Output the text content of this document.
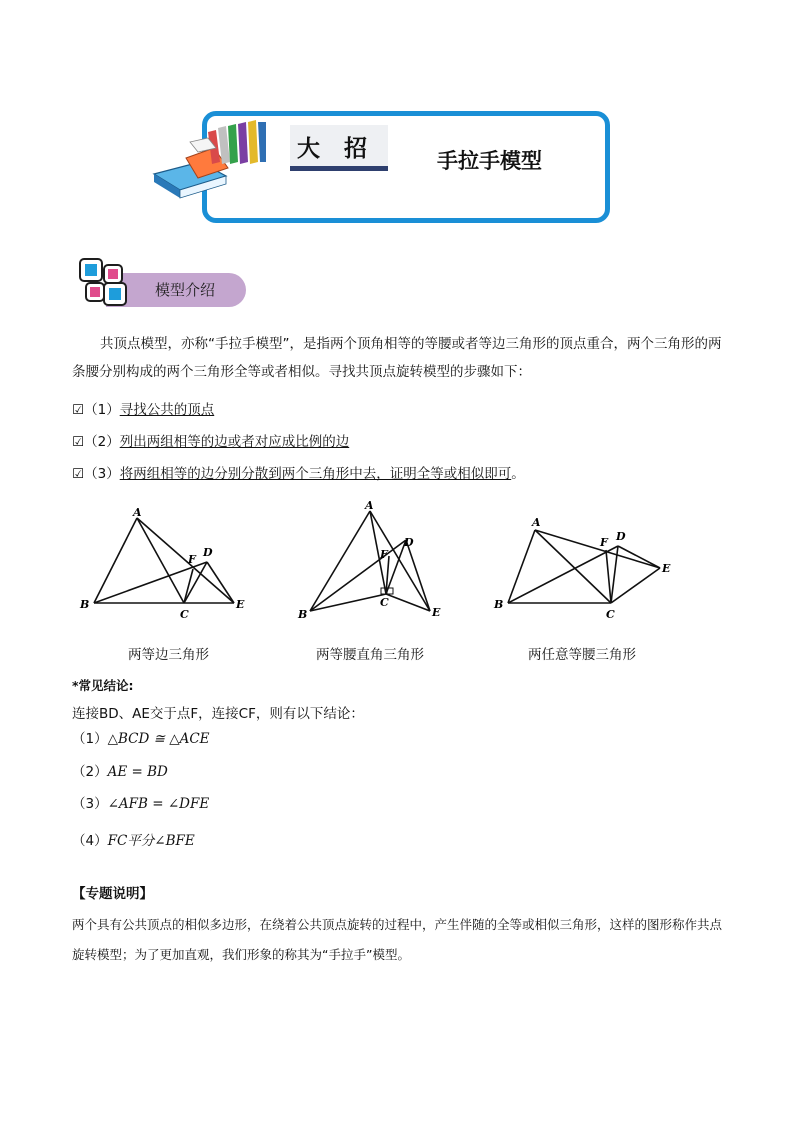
大 招	手拉手模型
模型介绍
共顶点模型，亦称“手拉手模型”，是指两个顶角相等的等腰或者等边三角形的顶点重合，两个三角形的两条腰分别构成的两个三角形全等或者相似。寻找共顶点旋转模型的步骤如下：
☑（1）寻找公共的顶点
☑（2）列出两组相等的边或者对应成比例的边
☑（3）将两组相等的边分别分散到两个三角形中去，证明全等或相似即可。
A
B
C
D
E
F
两等边三角形
A
B
C
D
E
F
两等腰直角三角形
A
B
C
D
E
F
两任意等腰三角形
*常见结论:
连接BD、AE交于点F，连接CF，则有以下结论：
（1）△BCD ≅ △ACE
（2）AE = BD
（3）∠AFB = ∠DFE
（4）FC平分∠BFE
【专题说明】
两个具有公共顶点的相似多边形，在绕着公共顶点旋转的过程中，产生伴随的全等或相似三角形，这样的图形称作共点旋转模型；为了更加直观，我们形象的称其为“手拉手”模型。
